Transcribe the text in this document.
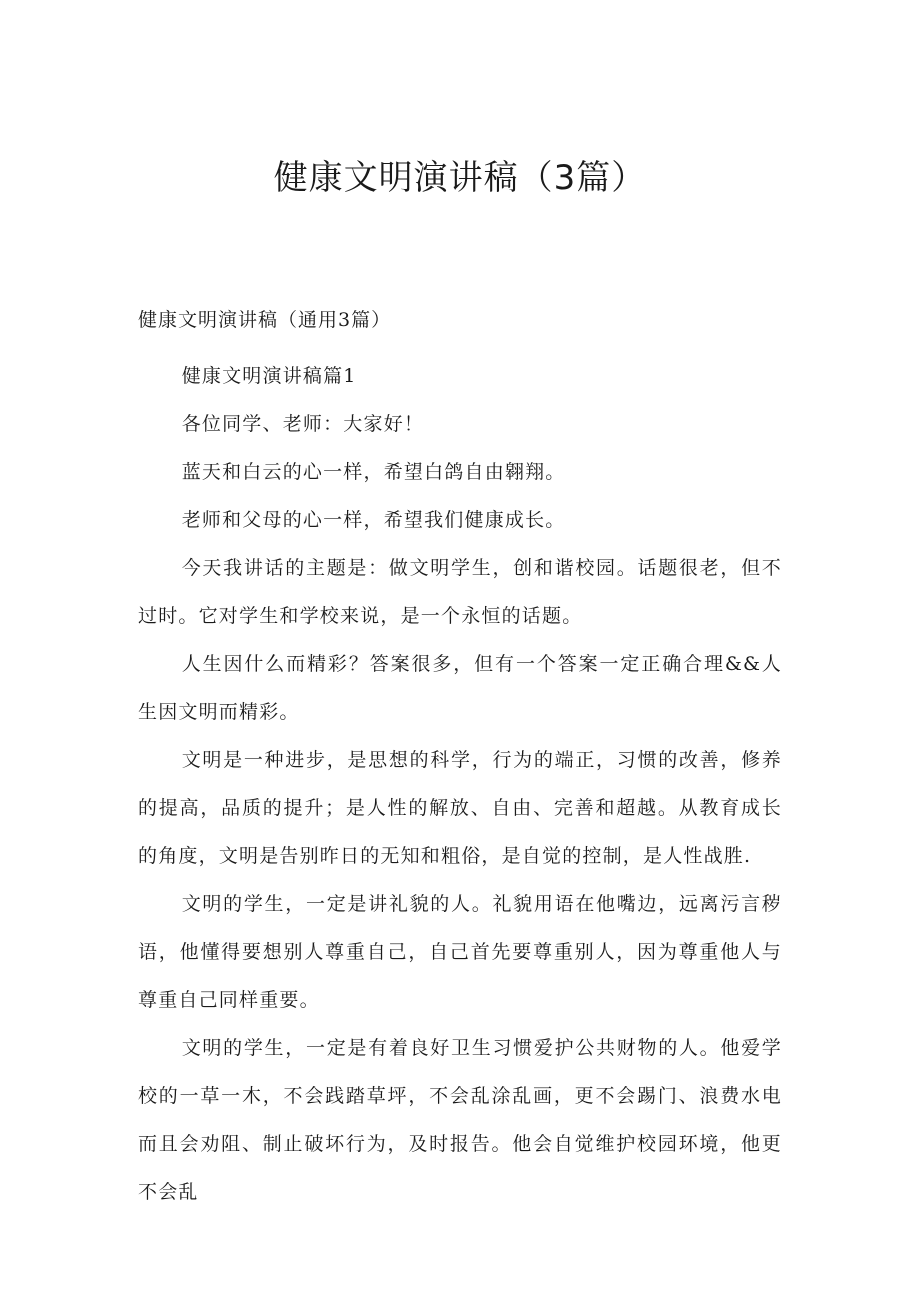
健康文明演讲稿（3篇）

健康文明演讲稿（通用3篇）

健康文明演讲稿篇1

各位同学、老师：大家好！

蓝天和白云的心一样，希望白鸽自由翱翔。

老师和父母的心一样，希望我们健康成长。

今天我讲话的主题是：做文明学生，创和谐校园。话题很老，但不过时。它对学生和学校来说，是一个永恒的话题。

人生因什么而精彩？答案很多，但有一个答案一定正确合理&&人生因文明而精彩。

文明是一种进步，是思想的科学，行为的端正，习惯的改善，修养的提高，品质的提升；是人性的解放、自由、完善和超越。从教育成长的角度，文明是告别昨日的无知和粗俗，是自觉的控制，是人性战胜.

文明的学生，一定是讲礼貌的人。礼貌用语在他嘴边，远离污言秽语，他懂得要想别人尊重自己，自己首先要尊重别人，因为尊重他人与尊重自己同样重要。

文明的学生，一定是有着良好卫生习惯爱护公共财物的人。他爱学校的一草一木，不会践踏草坪，不会乱涂乱画，更不会踢门、浪费水电而且会劝阻、制止破坏行为，及时报告。他会自觉维护校园环境，他更不会乱
